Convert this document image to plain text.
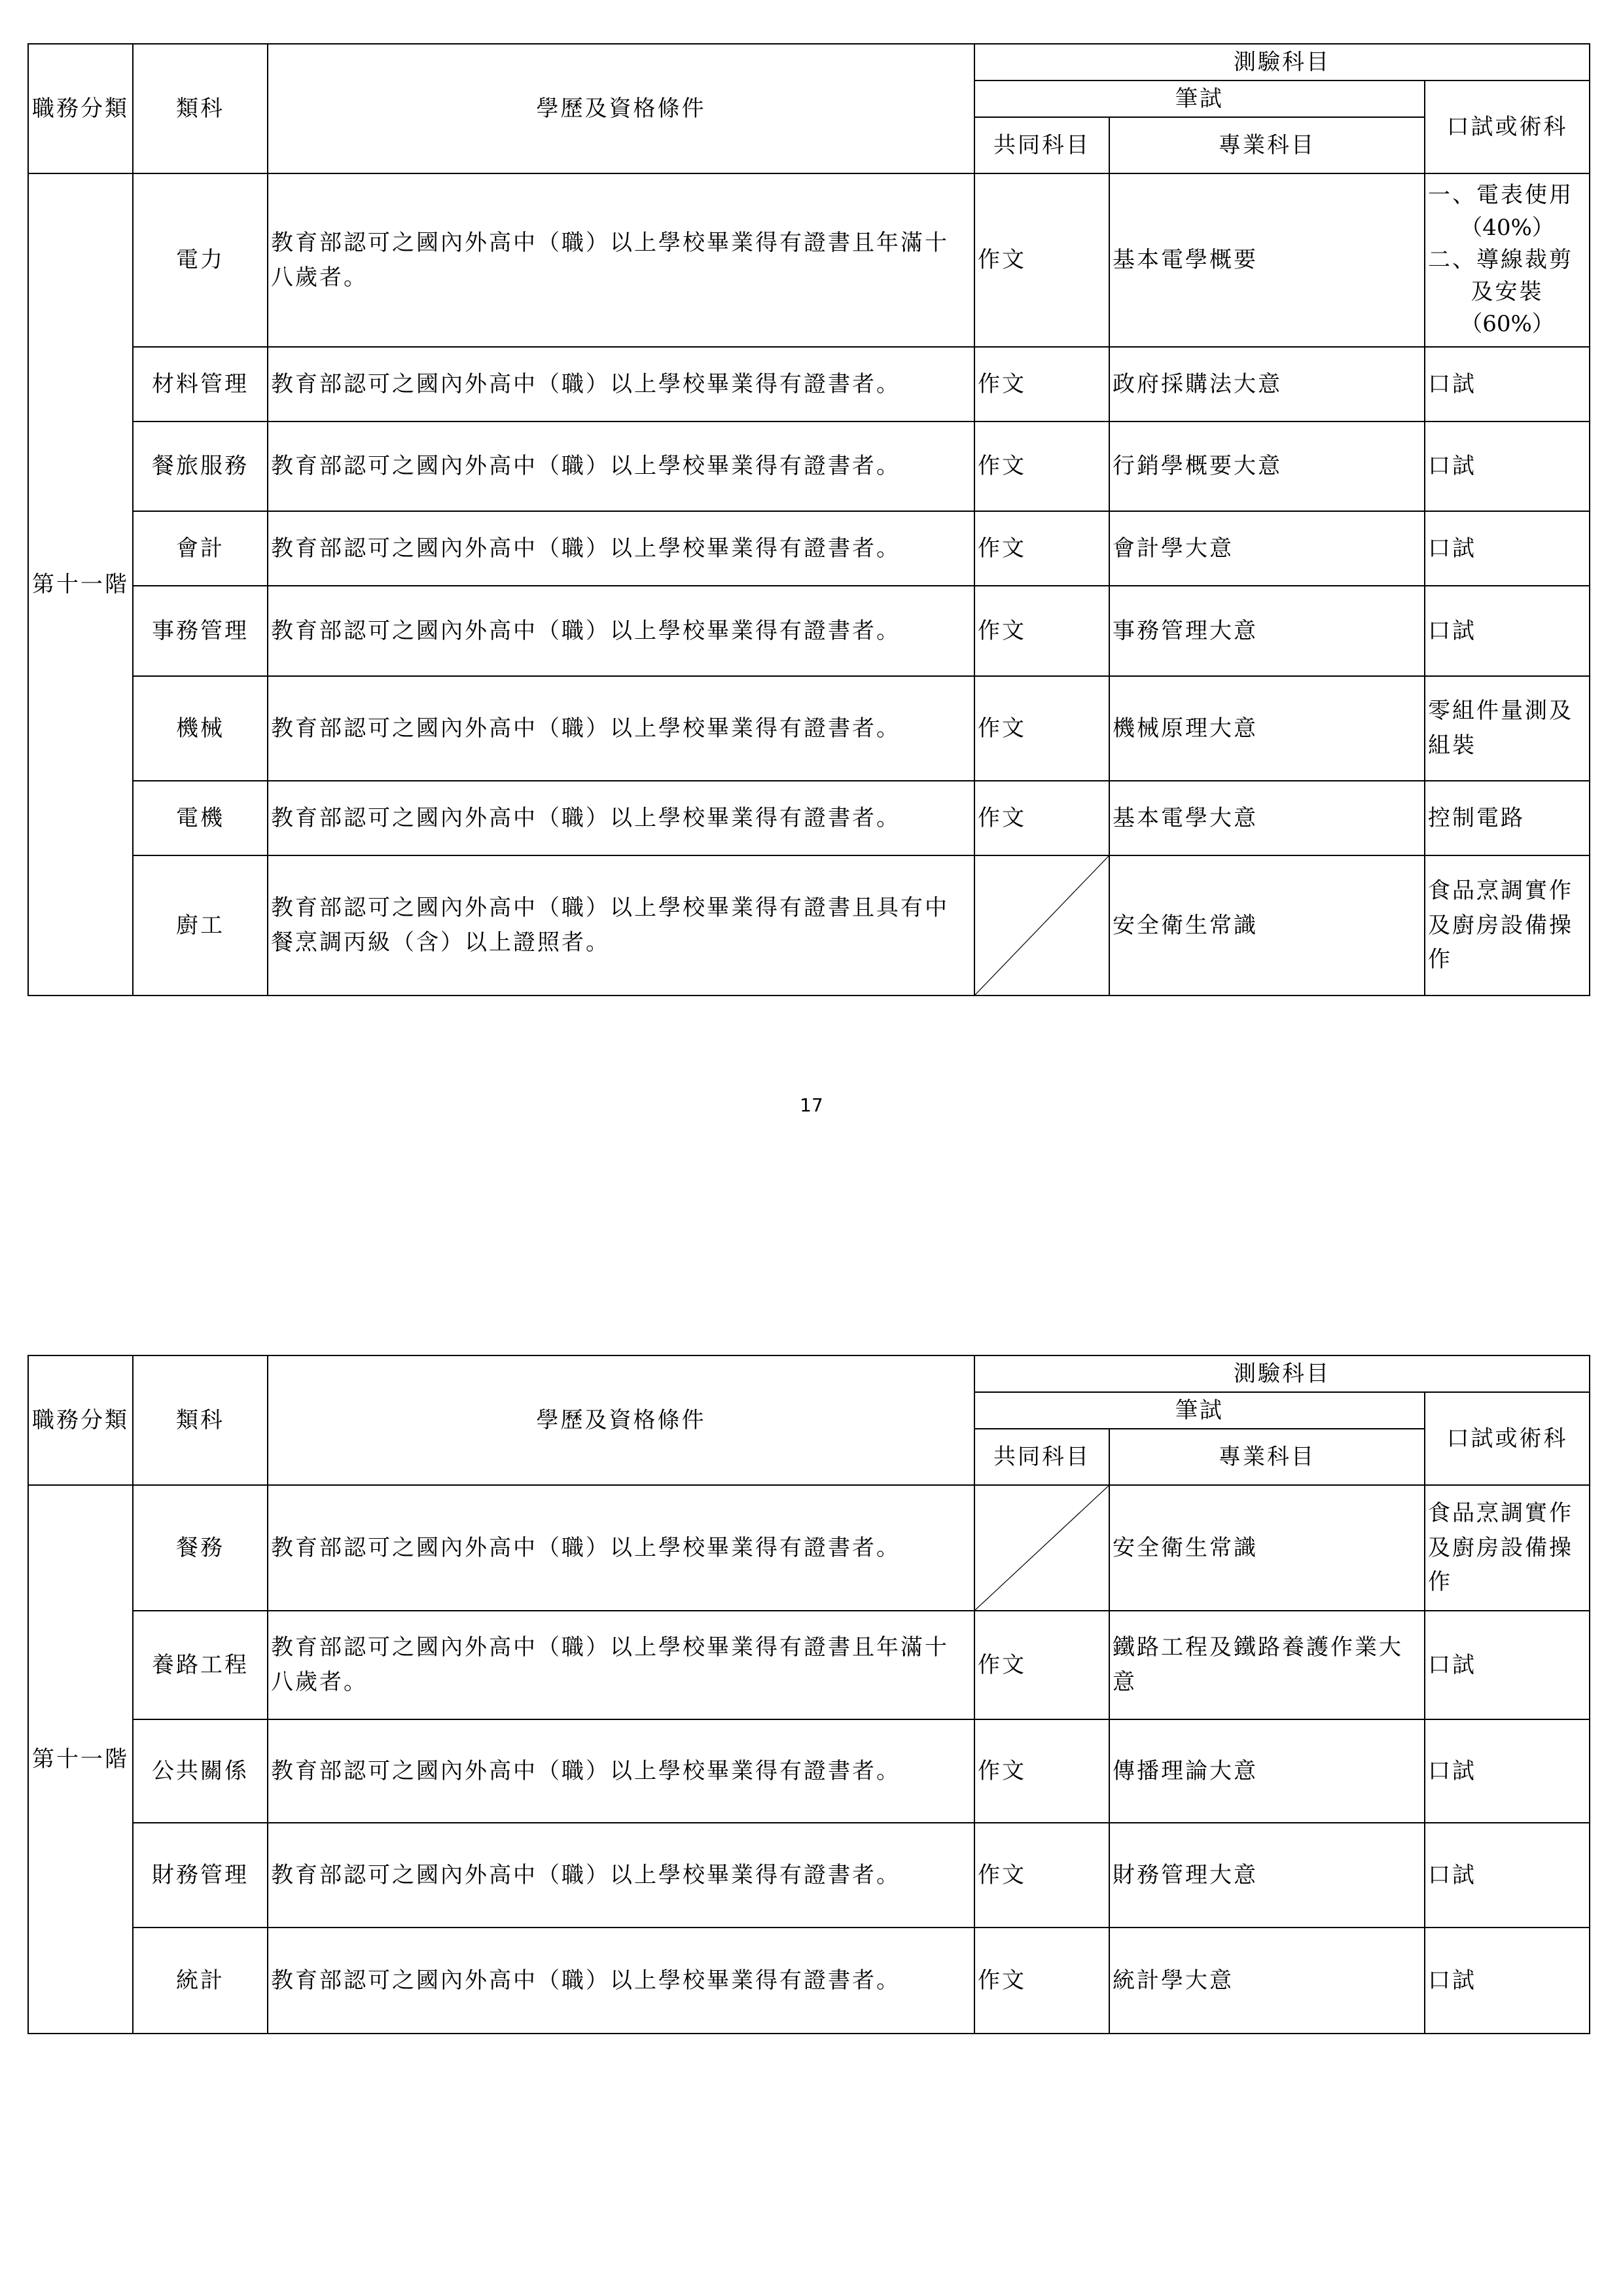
職務分類	類科	學歷及資格條件	測驗科目		
			筆試		口試或術科
			共同科目	專業科目	
第十一階	電力	教育部認可之國內外高中（職）以上學校畢業得有證書且年滿十八歲者。	作文	基本電學概要	一、電表使用
（40%）
二、導線裁剪
及安裝
（60%）

	材料管理	教育部認可之國內外高中（職）以上學校畢業得有證書者。	作文	政府採購法大意	口試
	餐旅服務	教育部認可之國內外高中（職）以上學校畢業得有證書者。	作文	行銷學概要大意	口試
	會計	教育部認可之國內外高中（職）以上學校畢業得有證書者。	作文	會計學大意	口試
	事務管理	教育部認可之國內外高中（職）以上學校畢業得有證書者。	作文	事務管理大意	口試
	機械	教育部認可之國內外高中（職）以上學校畢業得有證書者。	作文	機械原理大意	零組件量測及組裝
	電機	教育部認可之國內外高中（職）以上學校畢業得有證書者。	作文	基本電學大意	控制電路
	廚工	教育部認可之國內外高中（職）以上學校畢業得有證書且具有中餐烹調丙級（含）以上證照者。		安全衛生常識	食品烹調實作及廚房設備操作
17
職務分類	類科	學歷及資格條件	測驗科目		
			筆試		口試或術科
			共同科目	專業科目	
第十一階	餐務	教育部認可之國內外高中（職）以上學校畢業得有證書者。		安全衛生常識	食品烹調實作及廚房設備操作
	養路工程	教育部認可之國內外高中（職）以上學校畢業得有證書且年滿十八歲者。	作文	鐵路工程及鐵路養護作業大意	口試
	公共關係	教育部認可之國內外高中（職）以上學校畢業得有證書者。	作文	傳播理論大意	口試
	財務管理	教育部認可之國內外高中（職）以上學校畢業得有證書者。	作文	財務管理大意	口試
	統計	教育部認可之國內外高中（職）以上學校畢業得有證書者。	作文	統計學大意	口試
